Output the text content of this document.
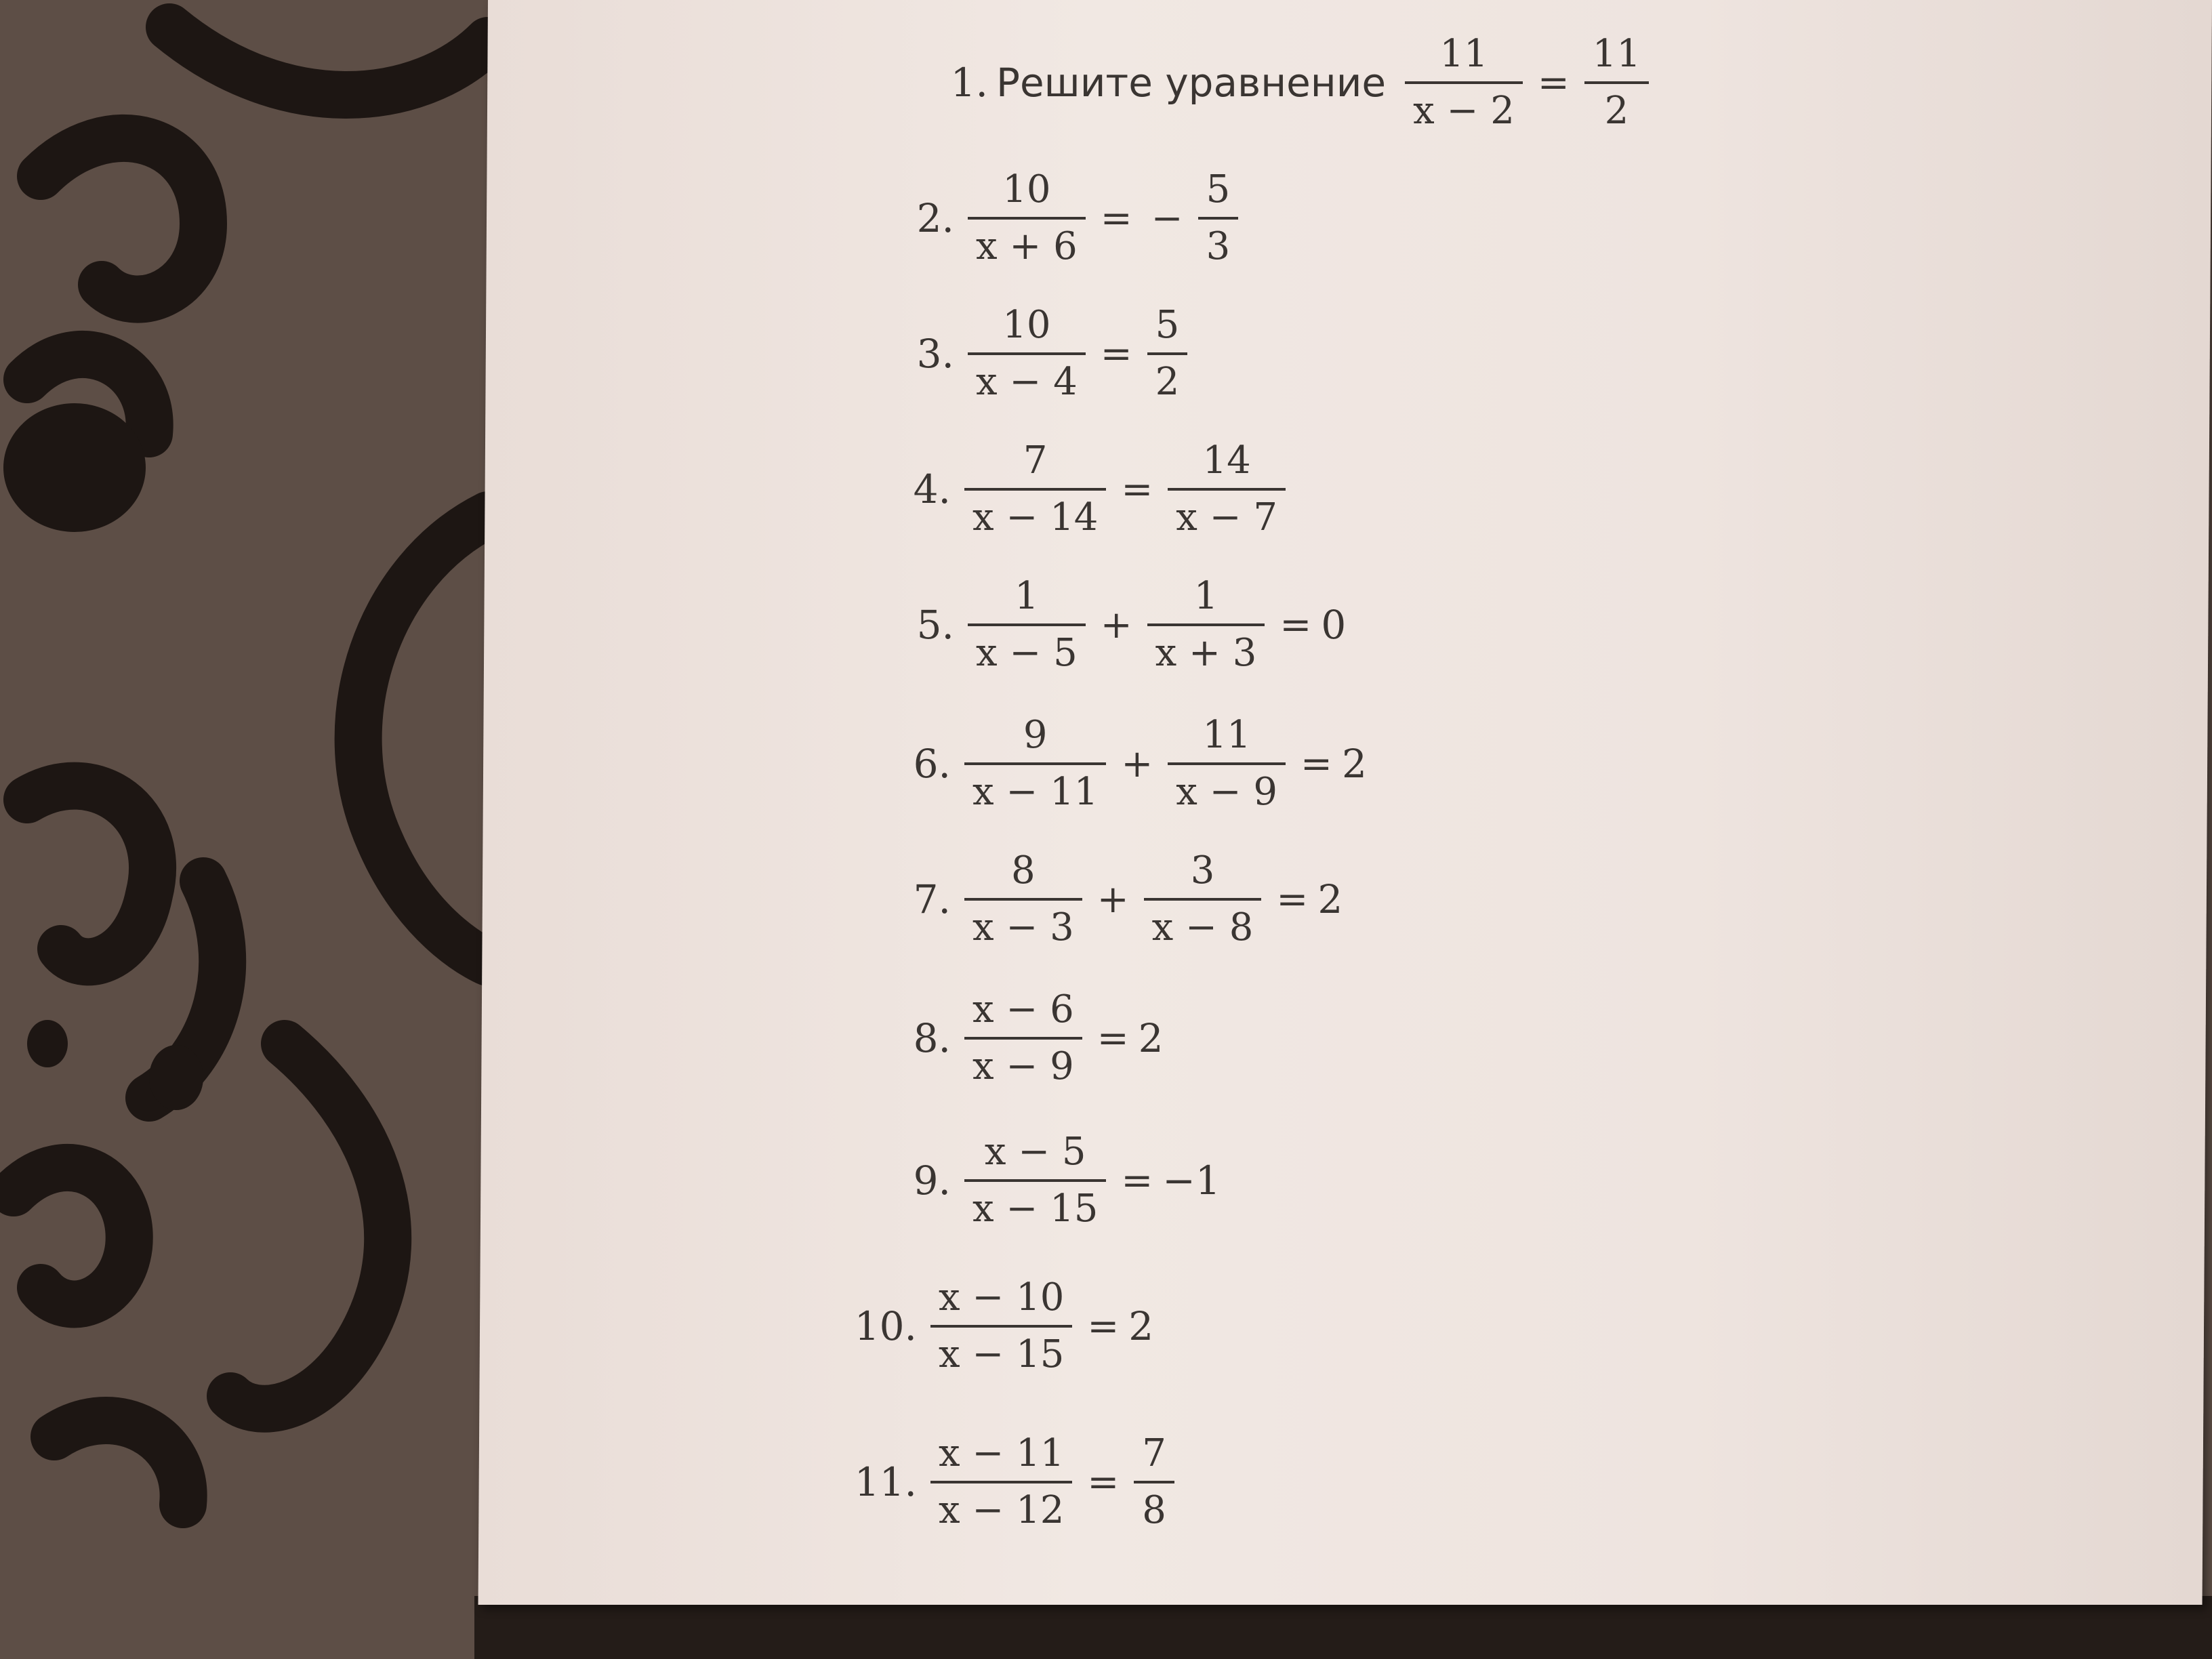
1. Решите уравнение $\frac{11}{x - 2} = \frac{11}{2}$
2. $\frac{10}{x + 6}$ = − $\frac{5}{3}$
3. $\frac{10}{x - 4} = \frac{5}{2}$
4. $\frac{7}{x - 14} = \frac{14}{x - 7}$
5. $\frac{1}{x - 5} + \frac{1}{x + 3} = 0$
6. $\frac{9}{x - 11} + \frac{11}{x - 9} = 2$
7. $\frac{8}{x - 3} + \frac{3}{x - 8} = 2$
8. $\frac{x - 6}{x - 9} = 2$
9. $\frac{x - 5}{x - 15} = -1$
10. $\frac{x - 10}{x - 15} = 2$
11. $\frac{x - 11}{x - 12} = \frac{7}{8}$
